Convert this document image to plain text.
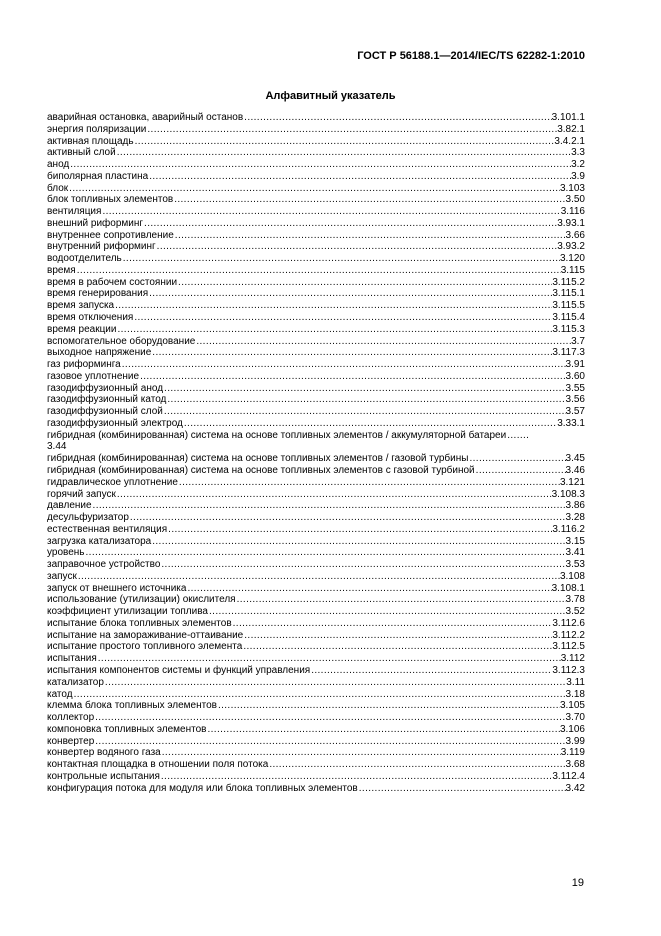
ГОСТ Р 56188.1—2014/IEC/TS 62282-1:2010
Алфавитный указатель
аварийная остановка, аварийный останов . . .	3.101.1
энергия поляризации . . .	3.82.1
активная площадь . . .	3.4.2.1
активный слой . . .	3.3
анод . . .	3.2
биполярная пластина . . .	3.9
блок . . .	3.103
блок топливных элементов . . .	3.50
вентиляция . . .	3.116
внешний риформинг . . .	3.93.1
внутреннее сопротивление . . .	3.66
внутренний риформинг . . .	3.93.2
водоотделитель . . .	3.120
время . . .	3.115
время в рабочем состоянии . . .	3.115.2
время генерирования . . .	3.115.1
время запуска . . .	3.115.5
время отключения . . .	3.115.4
время реакции . . .	3.115.3
вспомогательное оборудование . . .	3.7
выходное напряжение . . .	3.117.3
газ риформинга . . .	3.91
газовое уплотнение . . .	3.60
газодиффузионный анод . . .	3.55
газодиффузионный катод . . .	3.56
газодиффузионный слой . . .	3.57
газодиффузионный электрод . . .	3.33.1
гибридная (комбинированная) система на основе топливных элементов / аккумуляторной батареи
. . .
3.44
гибридная (комбинированная) система на основе топливных элементов / газовой турбины . . .	3.45
гибридная (комбинированная) система на основе топливных элементов с газовой турбиной . . .	3.46
гидравлическое уплотнение . . .	3.121
горячий запуск . . .	3.108.3
давление . . .	3.86
десульфуризатор . . .	3.28
естественная вентиляция . . .	3.116.2
загрузка катализатора . . .	3.15
уровень . . .	3.41
заправочное устройство . . .	3.53
запуск . . .	3.108
запуск от внешнего источника . . .	3.108.1
использование (утилизации) окислителя . . .	3.78
коэффициент утилизации топлива . . .	3.52
испытание блока топливных элементов . . .	3.112.6
испытание на замораживание-оттаивание . . .	3.112.2
испытание простого топливного элемента . . .	3.112.5
испытания . . .	3.112
испытания компонентов системы и функций управления . . .	3.112.3
катализатор . . .	3.11
катод . . .	3.18
клемма блока топливных элементов . . .	3.105
коллектор . . .	3.70
компоновка топливных элементов . . .	3.106
конвертер . . .	3.99
конвертер водяного газа . . .	3.119
контактная площадка в отношении поля потока . . .	3.68
контрольные испытания . . .	3.112.4
конфигурация потока для модуля или блока топливных элементов . . .	3.42
19
